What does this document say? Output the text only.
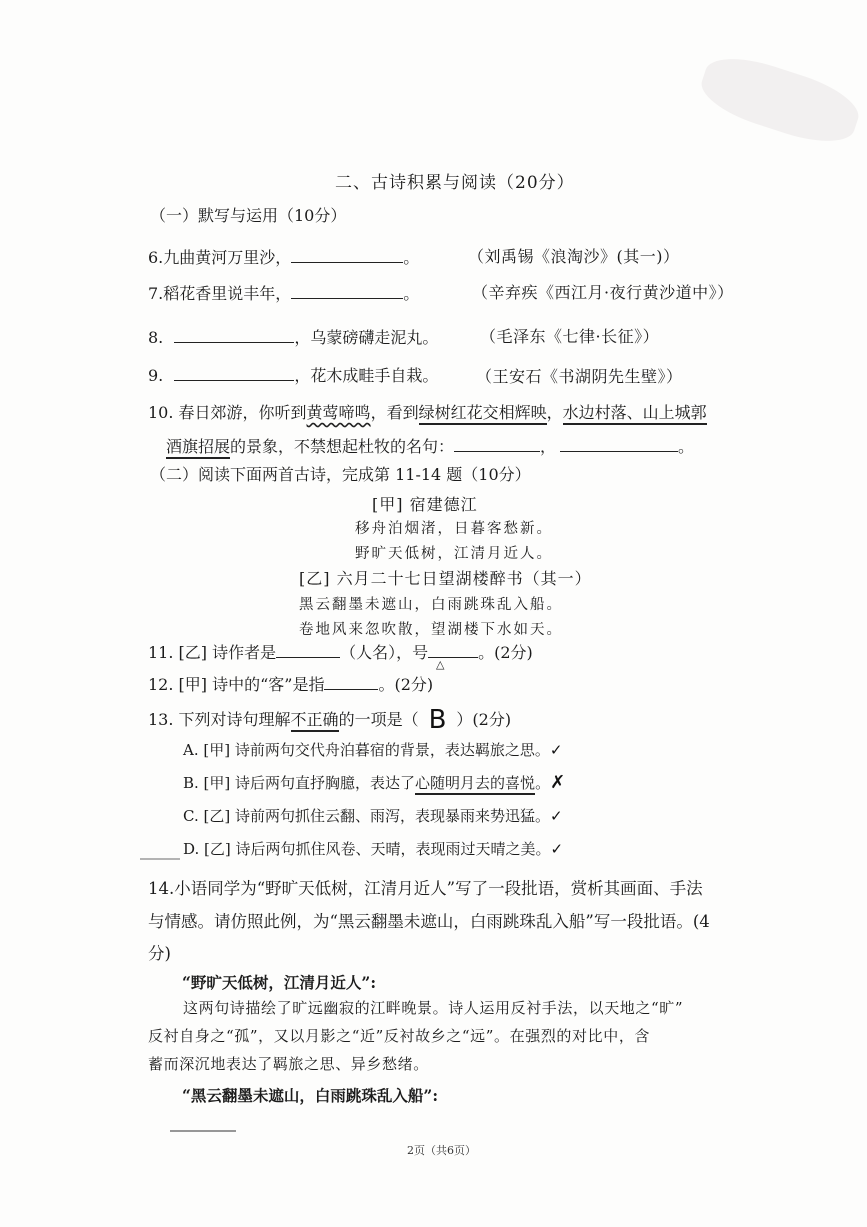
二、古诗积累与阅读（20分）
（一）默写与运用（10分）
6.九曲黄河万里沙，	。	（刘禹锡《浪淘沙》(其一)）
7.稻花香里说丰年，	。	（辛弃疾《西江月·夜行黄沙道中》）
8.	，乌蒙磅礴走泥丸。	（毛泽东《七律·长征》）
9.	，花木成畦手自栽。 （王安石《书湖阴先生壁》）
10. 春日郊游，你听到黄莺啼鸣，看到绿树红花交相辉映，水边村落、山上城郭
酒旗招展的景象，不禁想起杜牧的名句：	，	。
（二）阅读下面两首古诗，完成第 11-14 题（10分）
[甲] 宿建德江
移舟泊烟渚，日暮客愁新。
野旷天低树，江清月近人。
[乙] 六月二十七日望湖楼醉书（其一）
黑云翻墨未遮山，白雨跳珠乱入船。
卷地风来忽吹散，望湖楼下水如天。
11. [乙] 诗作者是	（人名），号	。(2分)
△
12. [甲] 诗中的“客”是指	。(2分)
13. 下列对诗句理解不正确的一项是（ B ）(2分)
A. [甲] 诗前两句交代舟泊暮宿的背景，表达羁旅之思。✓
B. [甲] 诗后两句直抒胸臆，表达了心随明月去的喜悦。✗
C. [乙] 诗前两句抓住云翻、雨泻，表现暴雨来势迅猛。✓
D. [乙] 诗后两句抓住风卷、天晴，表现雨过天晴之美。✓
14.小语同学为“野旷天低树，江清月近人”写了一段批语，赏析其画面、手法
与情感。请仿照此例，为“黑云翻墨未遮山，白雨跳珠乱入船”写一段批语。(4
分)
“野旷天低树，江清月近人”:
这两句诗描绘了旷远幽寂的江畔晚景。诗人运用反衬手法，以天地之“旷”
反衬自身之“孤”，又以月影之“近”反衬故乡之“远”。在强烈的对比中，含
蓄而深沉地表达了羁旅之思、异乡愁绪。
“黑云翻墨未遮山，白雨跳珠乱入船”:
2页（共6页）
